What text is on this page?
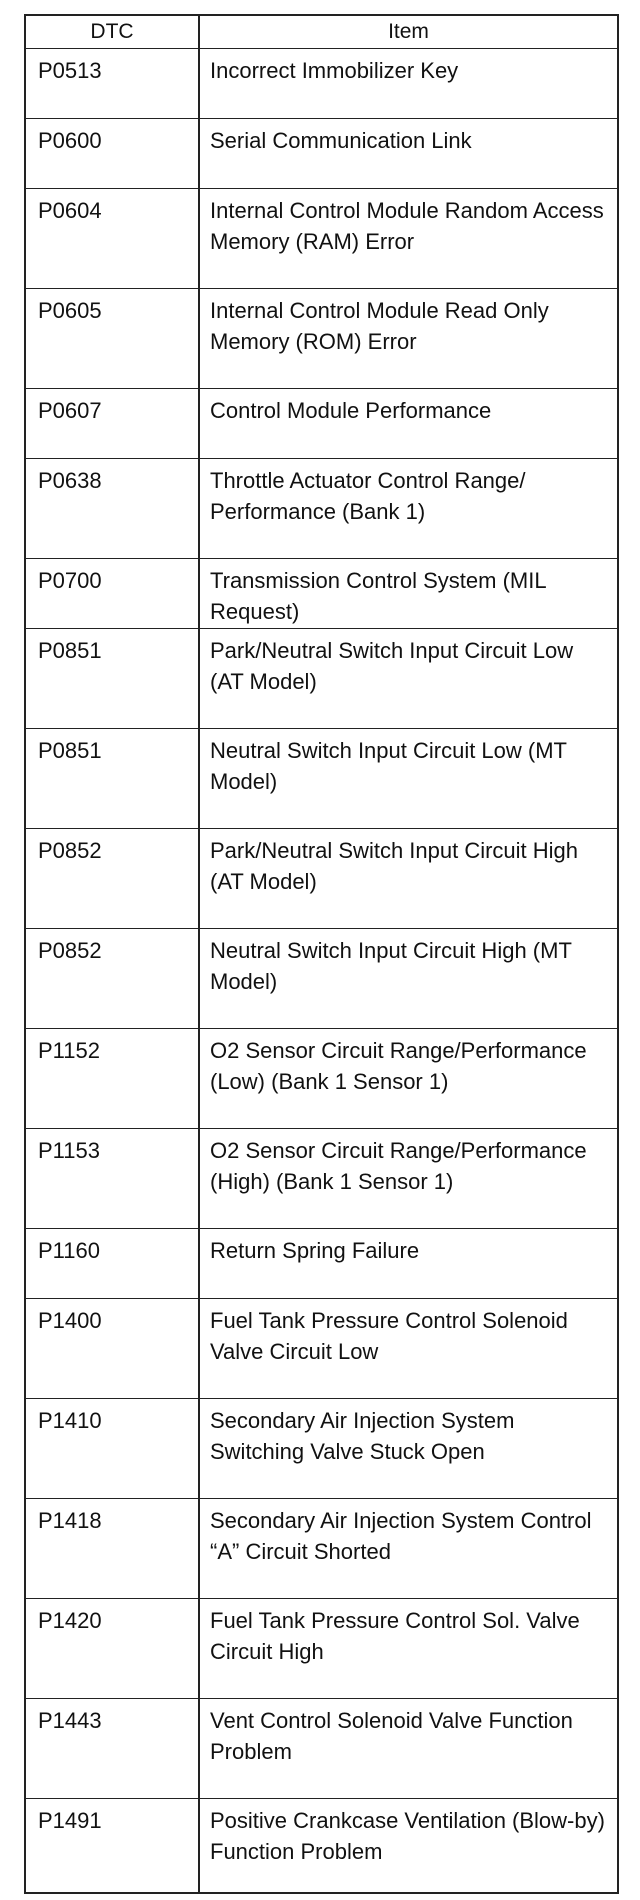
DTC	Item
P0513	Incorrect Immobilizer Key
P0600	Serial Communication Link
P0604	Internal Control Module Random Access Memory (RAM) Error
P0605	Internal Control Module Read Only Memory (ROM) Error
P0607	Control Module Performance
P0638	Throttle Actuator Control Range/ Performance (Bank 1)
P0700	Transmission Control System (MIL Request)
P0851	Park/Neutral Switch Input Circuit Low (AT Model)
P0851	Neutral Switch Input Circuit Low (MT Model)
P0852	Park/Neutral Switch Input Circuit High (AT Model)
P0852	Neutral Switch Input Circuit High (MT Model)
P1152	O2 Sensor Circuit Range/Performance (Low) (Bank 1 Sensor 1)
P1153	O2 Sensor Circuit Range/Performance (High) (Bank 1 Sensor 1)
P1160	Return Spring Failure
P1400	Fuel Tank Pressure Control Solenoid Valve Circuit Low
P1410	Secondary Air Injection System Switching Valve Stuck Open
P1418	Secondary Air Injection System Control “A” Circuit Shorted
P1420	Fuel Tank Pressure Control Sol. Valve Circuit High
P1443	Vent Control Solenoid Valve Function Problem
P1491	Positive Crankcase Ventilation (Blow-by) Function Problem
